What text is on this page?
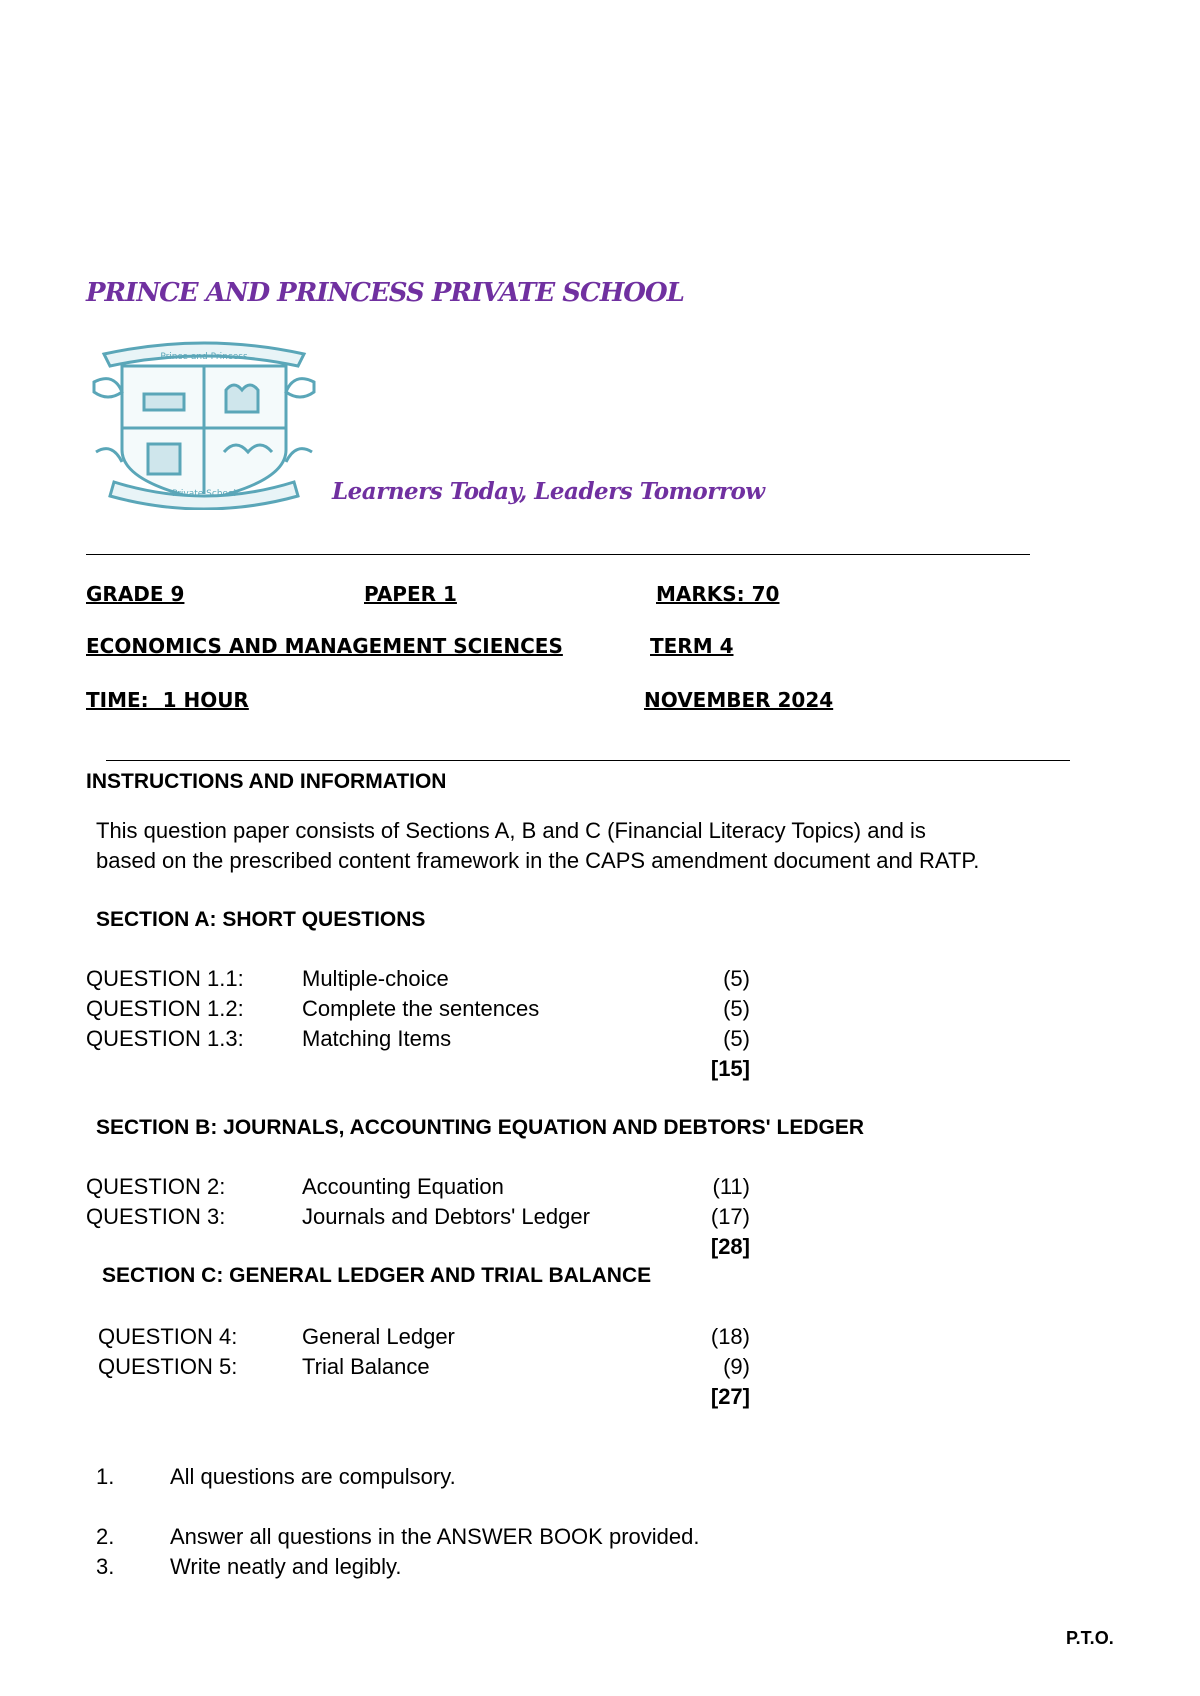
PRINCE AND PRINCESS PRIVATE SCHOOL
Prince and Princess
Private School	Learners Today, Leaders Tomorrow
GRADE 9	PAPER 1	MARKS: 70
ECONOMICS AND MANAGEMENT SCIENCES	TERM 4
TIME:  1 HOUR	NOVEMBER 2024
INSTRUCTIONS AND INFORMATION
This question paper consists of Sections A, B and C (Financial Literacy Topics) and is
based on the prescribed content framework in the CAPS amendment document and RATP.
SECTION A: SHORT QUESTIONS
QUESTION 1.1:	Multiple-choice	(5)
QUESTION 1.2:	Complete the sentences	(5)
QUESTION 1.3:	Matching Items	(5)
[15]
SECTION B: JOURNALS, ACCOUNTING EQUATION AND DEBTORS' LEDGER
QUESTION 2:	Accounting Equation	(11)
QUESTION 3:	Journals and Debtors' Ledger	(17)
[28]
SECTION C: GENERAL LEDGER AND TRIAL BALANCE
QUESTION 4:	General Ledger	(18)
QUESTION 5:	Trial Balance	(9)
[27]
1.	All questions are compulsory.
2.	Answer all questions in the ANSWER BOOK provided.
3.	Write neatly and legibly.
P.T.O.
